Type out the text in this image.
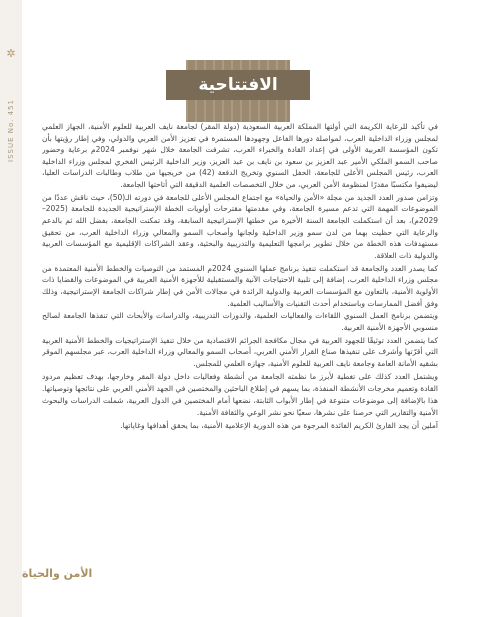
✲
ISSUE No. 451
الافتتاحية

في تأكيد للرعاية الكريمة التي أولتها المملكة العربية السعودية (دولة المقر) لجامعة نايف العربية للعلوم الأمنية، الجهاز العلمي لمجلس وزراء الداخلية العرب، لمواصلة دورها الفاعل وجهودها المستمرة في تعزيز الأمن العربي والدولي، وفي إطار رؤيتها بأن تكون المؤسسة العربية الأولى في إعداد القادة والخبراء العرب، تشرفت الجامعة خلال شهر نوفمبر 2024م برعاية وحضور صاحب السمو الملكي الأمير عبد العزيز بن سعود بن نايف بن عبد العزيز، وزير الداخلية الرئيس الفخري لمجلس وزراء الداخلية العرب، رئيس المجلس الأعلى للجامعة، الحفل السنوي وتخريج الدفعة (42) من خريجيها من طلاب وطالبات الدراسات العليا، ليضيفوا مكتسبًا مقدرًا لمنظومة الأمن العربي، من خلال التخصصات العلمية الدقيقة التي أتاحتها الجامعة.

وتزامن صدور العدد الجديد من مجلة «الأمن والحياة» مع اجتماع المجلس الأعلى للجامعة في دورته الـ(50)، حيث ناقش عددًا من الموضوعات المهمة التي تدعم مسيرة الجامعة، وفي مقدمتها مقترحات أولويات الخطة الإستراتيجية الجديدة للجامعة (2025–2029م)، بعد أن استكملت الجامعة السنة الأخيرة من خطتها الإستراتيجية السابقة، وقد تمكنت الجامعة، بفضل الله ثم بالدعم والرعاية التي حظيت بهما من لدن سمو وزير الداخلية ولجانها وأصحاب السمو والمعالي وزراء الداخلية العرب، من تحقيق مستهدفات هذه الخطة من خلال تطوير برامجها التعليمية والتدريبية والبحثية، وعقد الشراكات الإقليمية مع المؤسسات العربية والدولية ذات العلاقة.

كما يصدر العدد والجامعة قد استكملت تنفيذ برنامج عملها السنوي 2024م المستمد من التوصيات والخطط الأمنية المعتمدة من مجلس وزراء الداخلية العرب، إضافة إلى تلبية الاحتياجات الآنية والمستقبلية للأجهزة الأمنية العربية في الموضوعات والقضايا ذات الأولوية الأمنية، بالتعاون مع المؤسسات العربية والدولية الرائدة في مجالات الأمن في إطار شراكات الجامعة الإستراتيجية، وذلك وفق أفضل الممارسات وباستخدام أحدث التقنيات والأساليب العلمية.

ويتضمن برنامج العمل السنوي اللقاءات والفعاليات العلمية، والدورات التدريبية، والدراسات والأبحاث التي تنفذها الجامعة لصالح منسوبي الأجهزة الأمنية العربية.

كما يتضمن العدد توثيقًا للجهود العربية في مجال مكافحة الجرائم الاقتصادية من خلال تنفيذ الإستراتيجيات والخطط الأمنية العربية التي أقرّتها وأشرف على تنفيذها صناع القرار الأمني العربي، أصحاب السمو والمعالي وزراء الداخلية العرب، عبر مجلسهم الموقر بشقيه الأمانة العامة وجامعة نايف العربية للعلوم الأمنية، جهازه العلمي للمجلس.

ويشتمل العدد كذلك على تغطية لأبرز ما نظمته الجامعة من أنشطة وفعاليات داخل دولة المقر وخارجها، بهدف تعظيم مردود القادة وتعميم مخرجات الأنشطة المنفذة، بما يسهم في إطلاع الباحثين والمختصين في الجهد الأمني العربي على نتائجها وتوصياتها.

هذا بالإضافة إلى موضوعات متنوعة في إطار الأبواب الثابتة، نضعها أمام المختصين في الدول العربية، شملت الدراسات والبحوث الأمنية والتقارير التي حرصنا على نشرها، سعيًا نحو نشر الوعي والثقافة الأمنية.

آملين أن يجد القارئ الكريم الفائدة المرجوة من هذه الدورية الإعلامية الأمنية، بما يحقق أهدافها وغاياتها.

الأمن والحياة
